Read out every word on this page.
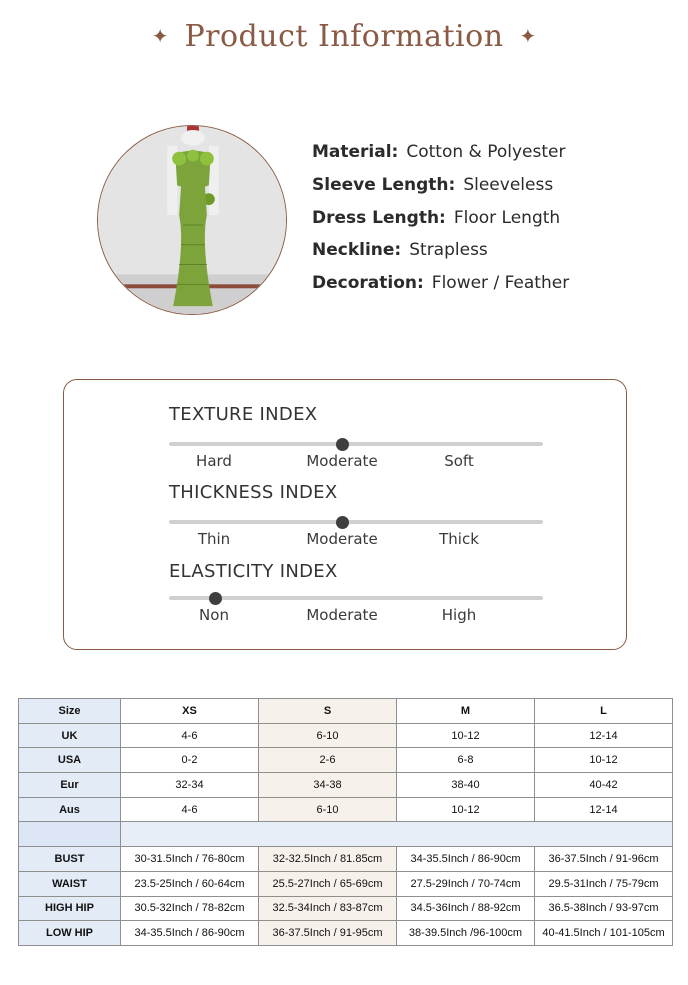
✦ Product Information ✦
Material: Cotton & Polyester
Sleeve Length: Sleeveless
Dress Length: Floor Length
Neckline: Strapless
Decoration: Flower / Feather
TEXTURE INDEX
Hard	Moderate	Soft
THICKNESS INDEX
Thin	Moderate	Thick
ELASTICITY INDEX
Non	Moderate	High
Size	XS	S	M	L
UK	4-6	6-10	10-12	12-14
USA	0-2	2-6	6-8	10-12
Eur	32-34	34-38	38-40	40-42
Aus	4-6	6-10	10-12	12-14

BUST	30-31.5Inch / 76-80cm	32-32.5Inch / 81.85cm	34-35.5Inch / 86-90cm	36-37.5Inch / 91-96cm
WAIST	23.5-25Inch / 60-64cm	25.5-27Inch / 65-69cm	27.5-29Inch / 70-74cm	29.5-31Inch / 75-79cm
HIGH HIP	30.5-32Inch / 78-82cm	32.5-34Inch / 83-87cm	34.5-36Inch / 88-92cm	36.5-38Inch / 93-97cm
LOW HIP	34-35.5Inch / 86-90cm	36-37.5Inch / 91-95cm	38-39.5Inch /96-100cm	40-41.5Inch / 101-105cm
